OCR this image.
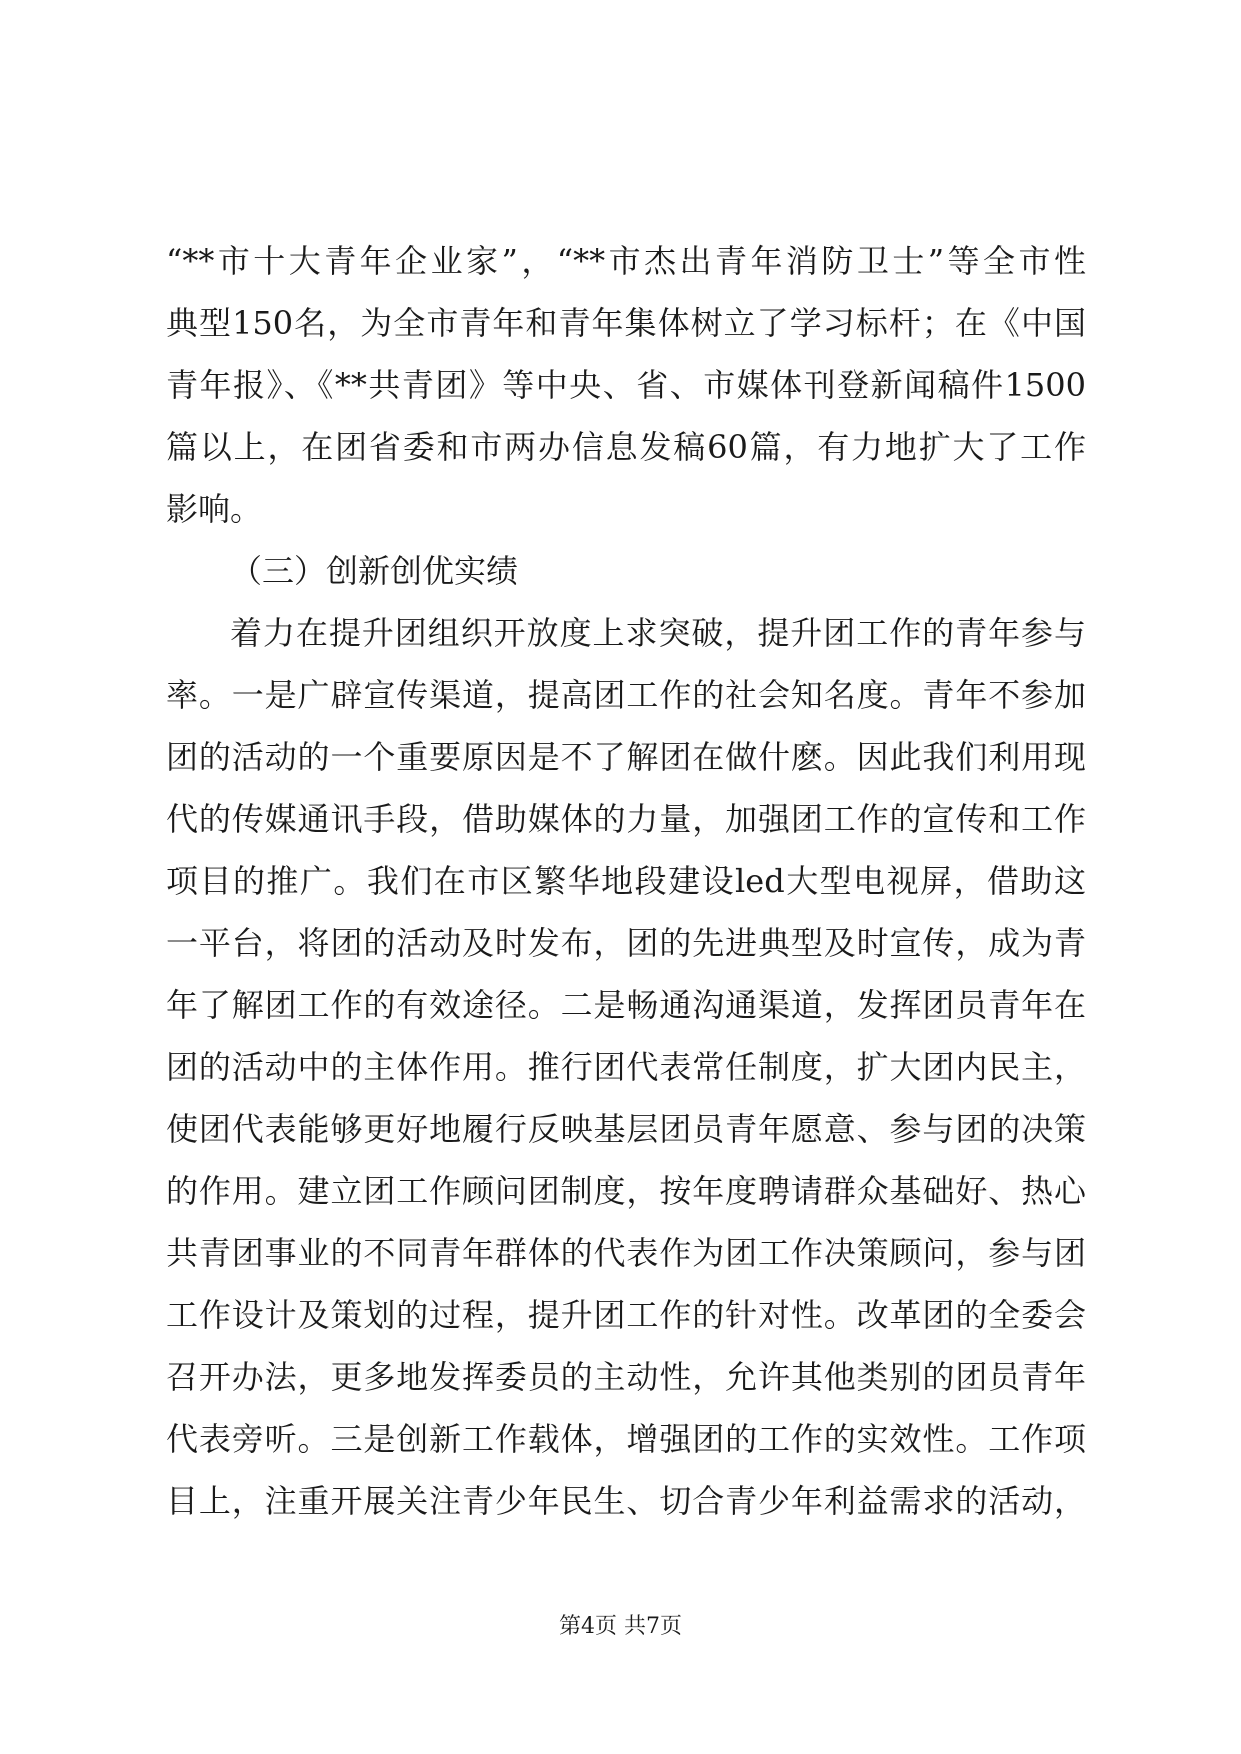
“**市十大青年企业家”，“**市杰出青年消防卫士”等全市性
典型150名，为全市青年和青年集体树立了学习标杆；在《中国
青年报》、《**共青团》等中央、省、市媒体刊登新闻稿件1500
篇以上，在团省委和市两办信息发稿60篇，有力地扩大了工作
影响。
（三）创新创优实绩
着力在提升团组织开放度上求突破，提升团工作的青年参与
率。一是广辟宣传渠道，提高团工作的社会知名度。青年不参加
团的活动的一个重要原因是不了解团在做什麽。因此我们利用现
代的传媒通讯手段，借助媒体的力量，加强团工作的宣传和工作
项目的推广。我们在市区繁华地段建设led大型电视屏，借助这
一平台，将团的活动及时发布，团的先进典型及时宣传，成为青
年了解团工作的有效途径。二是畅通沟通渠道，发挥团员青年在
团的活动中的主体作用。推行团代表常任制度，扩大团内民主，
使团代表能够更好地履行反映基层团员青年愿意、参与团的决策
的作用。建立团工作顾问团制度，按年度聘请群众基础好、热心
共青团事业的不同青年群体的代表作为团工作决策顾问，参与团
工作设计及策划的过程，提升团工作的针对性。改革团的全委会
召开办法，更多地发挥委员的主动性，允许其他类别的团员青年
代表旁听。三是创新工作载体，增强团的工作的实效性。工作项
目上，注重开展关注青少年民生、切合青少年利益需求的活动，
第4页 共7页
